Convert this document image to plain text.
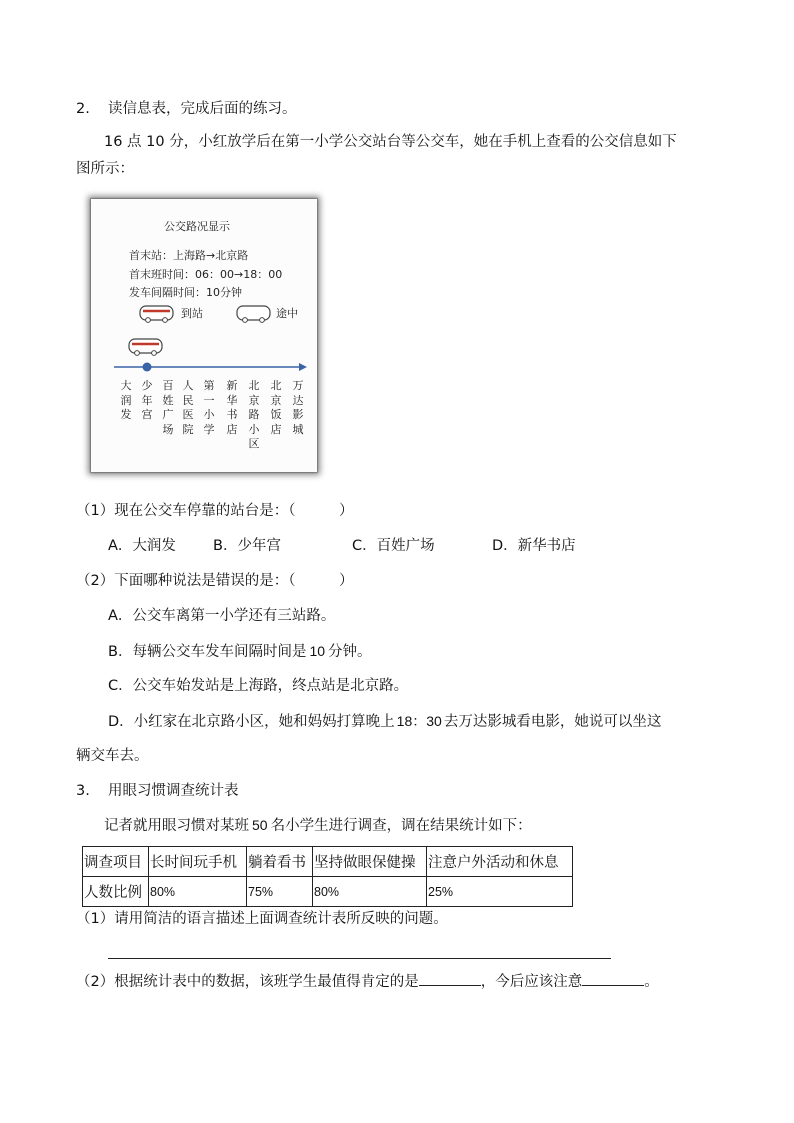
2. 读信息表，完成后面的练习。
16 点 10 分，小红放学后在第一小学公交站台等公交车，她在手机上查看的公交信息如下
图所示：
公交路况显示
首末站：上海路→北京路
首末班时间：06：00→18：00
发车间隔时间：10分钟
到站	途中
大润发
少年宫
百姓广场
人民医院
第一小学
新华书店
北京路小区
北京饭店
万达影城
（1）现在公交车停靠的站台是：（　　　）
A．大润发	B．少年宫	C．百姓广场	D．新华书店
（2）下面哪种说法是错误的是：（　　　）
A．公交车离第一小学还有三站路。
B．每辆公交车发车间隔时间是 10 分钟。
C．公交车始发站是上海路，终点站是北京路。
D．小红家在北京路小区，她和妈妈打算晚上 18：30 去万达影城看电影，她说可以坐这
辆交车去。
3. 用眼习惯调查统计表
记者就用眼习惯对某班 50 名小学生进行调查，调在结果统计如下：
调查项目	长时间玩手机	躺着看书	坚持做眼保健操	注意户外活动和休息
人数比例	80%	75%	80%	25%
（1）请用简洁的语言描述上面调查统计表所反映的问题。
（2）根据统计表中的数据，该班学生最值得肯定的是	，今后应该注意	。
